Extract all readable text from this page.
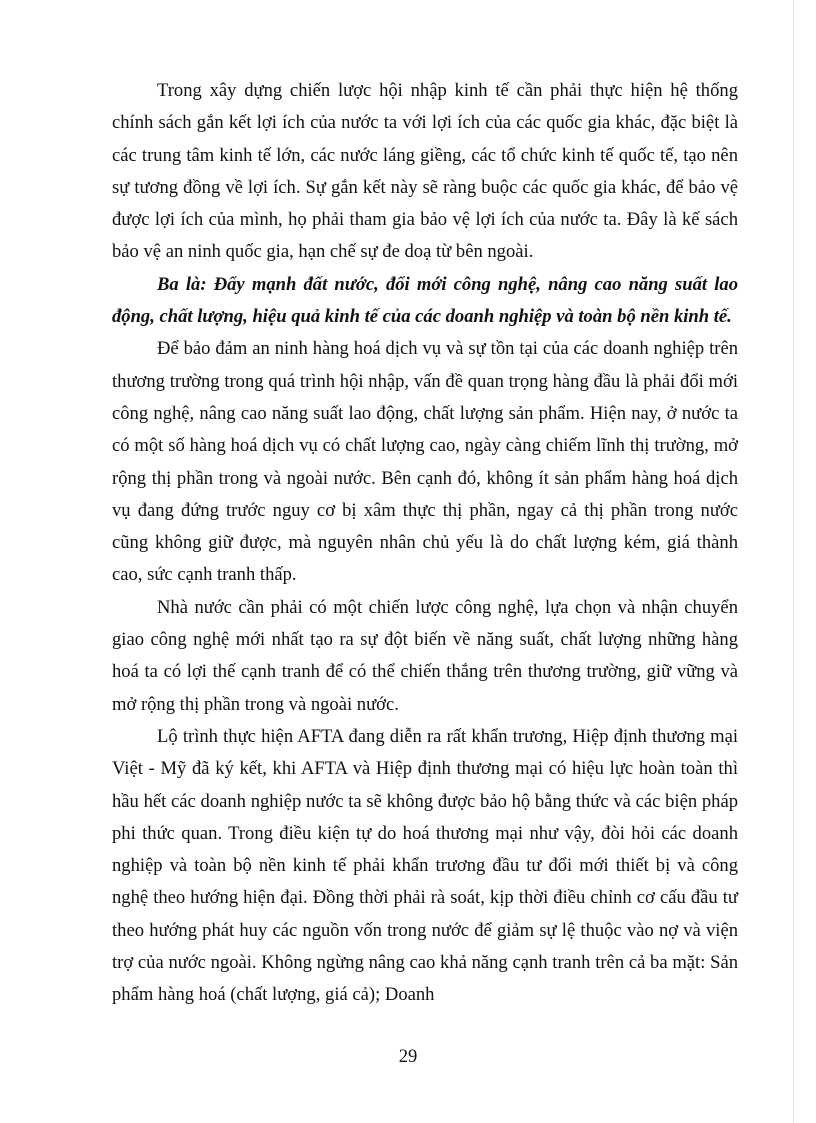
Trong xây dựng chiến lược hội nhập kinh tế cần phải thực hiện hệ thống chính sách gắn kết lợi ích của nước ta với lợi ích của các quốc gia khác, đặc biệt là các trung tâm kinh tế lớn, các nước láng giềng, các tổ chức kinh tế quốc tế, tạo nên sự tương đồng về lợi ích. Sự gắn kết này sẽ ràng buộc các quốc gia khác, để bảo vệ được lợi ích của mình, họ phải tham gia bảo vệ lợi ích của nước ta. Đây là kế sách bảo vệ an ninh quốc gia, hạn chế sự đe doạ từ bên ngoài.

Ba là: Đẩy mạnh đất nước, đổi mới công nghệ, nâng cao năng suất lao động, chất lượng, hiệu quả kinh tế của các doanh nghiệp và toàn bộ nền kinh tế.

Để bảo đảm an ninh hàng hoá dịch vụ và sự tồn tại của các doanh nghiệp trên thương trường trong quá trình hội nhập, vấn đề quan trọng hàng đầu là phải đổi mới công nghệ, nâng cao năng suất lao động, chất lượng sản phẩm. Hiện nay, ở nước ta có một số hàng hoá dịch vụ có chất lượng cao, ngày càng chiếm lĩnh thị trường, mở rộng thị phần trong và ngoài nước. Bên cạnh đó, không ít sản phẩm hàng hoá dịch vụ đang đứng trước nguy cơ bị xâm thực thị phần, ngay cả thị phần trong nước cũng không giữ được, mà nguyên nhân chủ yếu là do chất lượng kém, giá thành cao, sức cạnh tranh thấp.

Nhà nước cần phải có một chiến lược công nghệ, lựa chọn và nhận chuyển giao công nghệ mới nhất tạo ra sự đột biến về năng suất, chất lượng những hàng hoá ta có lợi thế cạnh tranh để có thể chiến thắng trên thương trường, giữ vững và mở rộng thị phần trong và ngoài nước.

Lộ trình thực hiện AFTA đang diễn ra rất khẩn trương, Hiệp định thương mại Việt - Mỹ đã ký kết, khi AFTA và Hiệp định thương mại có hiệu lực hoàn toàn thì hầu hết các doanh nghiệp nước ta sẽ không được bảo hộ bằng thức và các biện pháp phi thức quan. Trong điều kiện tự do hoá thương mại như vậy, đòi hỏi các doanh nghiệp và toàn bộ nền kinh tế phải khẩn trương đầu tư đổi mới thiết bị và công nghệ theo hướng hiện đại. Đồng thời phải rà soát, kịp thời điều chỉnh cơ cấu đầu tư theo hướng phát huy các nguồn vốn trong nước để giảm sự lệ thuộc vào nợ và viện trợ của nước ngoài. Không ngừng nâng cao khả năng cạnh tranh trên cả ba mặt: Sản phẩm hàng hoá (chất lượng, giá cả); Doanh

29
